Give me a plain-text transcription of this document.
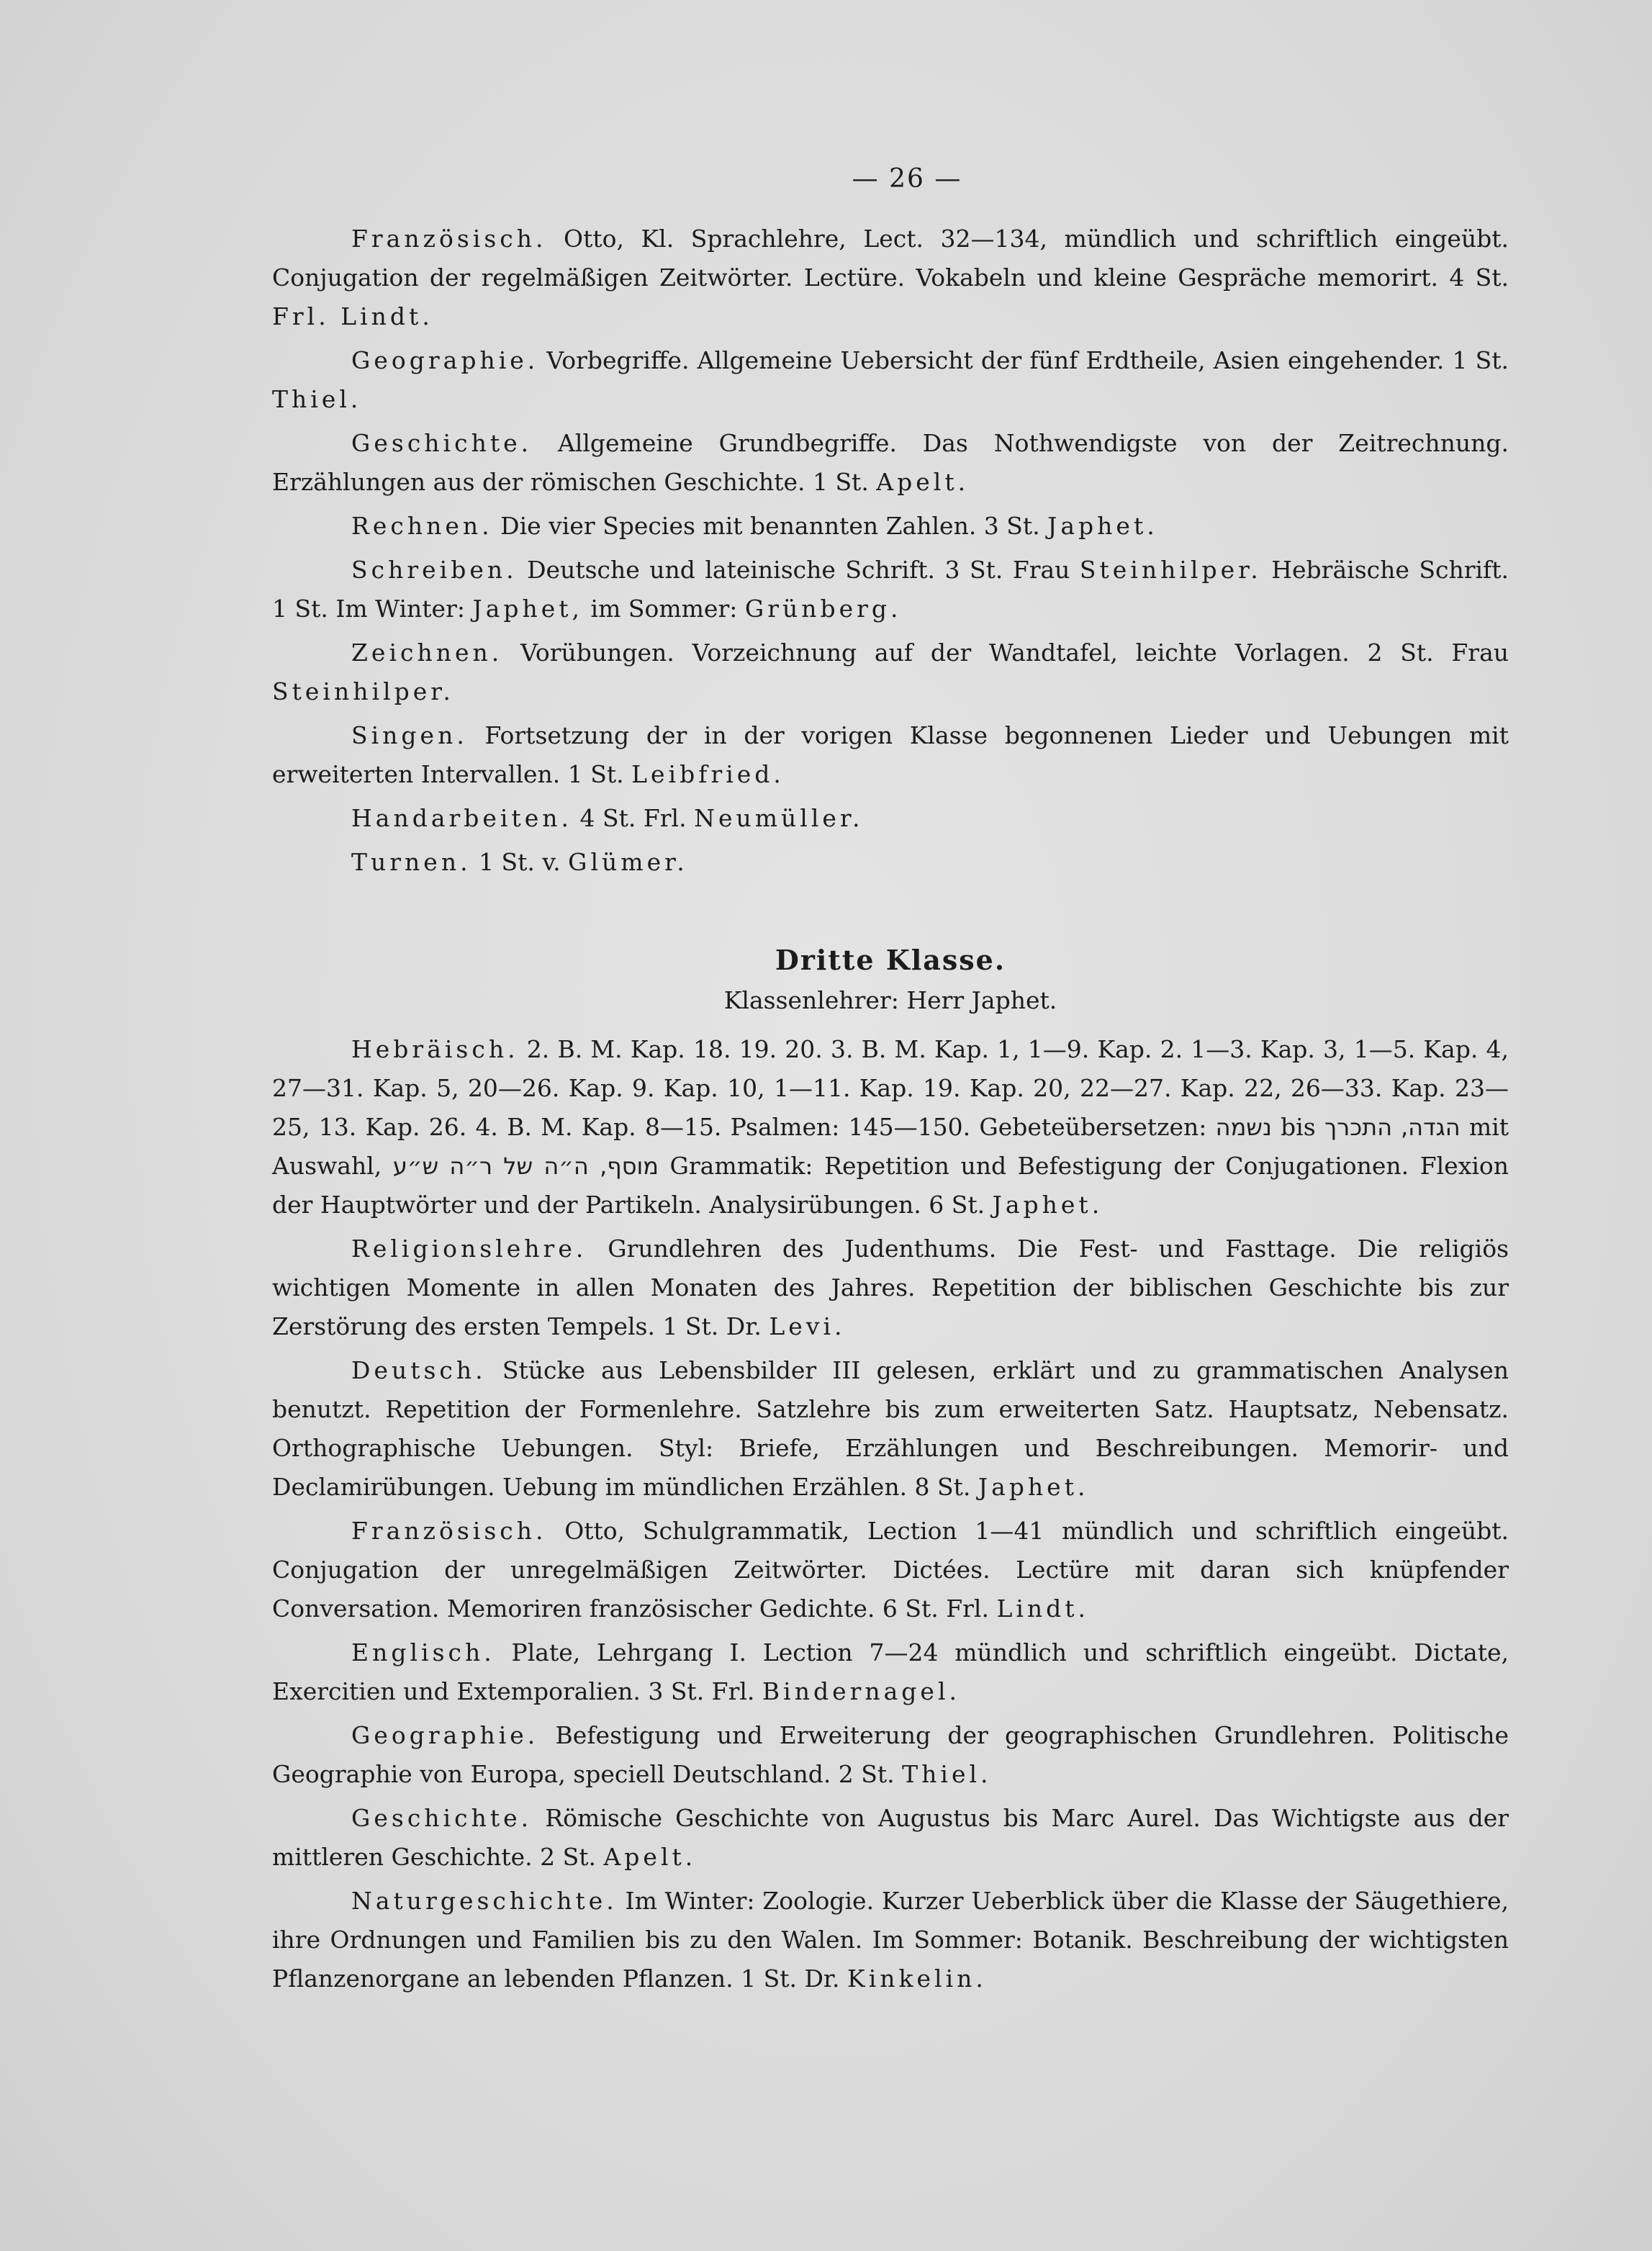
— 26 —

Französisch. Otto, Kl. Sprachlehre, Lect. 32—134, mündlich und schriftlich eingeübt. Conjugation der regelmäßigen Zeitwörter. Lectüre. Vokabeln und kleine Gespräche memorirt. 4 St. Frl. Lindt.

Geographie. Vorbegriffe. Allgemeine Uebersicht der fünf Erdtheile, Asien eingehender. 1 St. Thiel.

Geschichte. Allgemeine Grundbegriffe. Das Nothwendigste von der Zeitrechnung. Erzählungen aus der römischen Geschichte. 1 St. Apelt.

Rechnen. Die vier Species mit benannten Zahlen. 3 St. Japhet.

Schreiben. Deutsche und lateinische Schrift. 3 St. Frau Steinhilper. Hebräische Schrift. 1 St. Im Winter: Japhet, im Sommer: Grünberg.

Zeichnen. Vorübungen. Vorzeichnung auf der Wandtafel, leichte Vorlagen. 2 St. Frau Steinhilper.

Singen. Fortsetzung der in der vorigen Klasse begonnenen Lieder und Uebungen mit erweiterten Intervallen. 1 St. Leibfried.

Handarbeiten. 4 St. Frl. Neumüller.

Turnen. 1 St. v. Glümer.

Dritte Klasse.
Klassenlehrer: Herr Japhet.

Hebräisch. 2. B. M. Kap. 18. 19. 20. 3. B. M. Kap. 1, 1—9. Kap. 2. 1—3. Kap. 3, 1—5. Kap. 4, 27—31. Kap. 5, 20—26. Kap. 9. Kap. 10, 1—11. Kap. 19. Kap. 20, 22—27. Kap. 22, 26—33. Kap. 23—25, 13. Kap. 26. 4. B. M. Kap. 8—15. Psalmen: 145—150. Gebeteübersetzen: נשמה bis הגדה, התכרך mit Auswahl, מוסף, ה״ה של ר״ה ש״ע Grammatik: Repetition und Befestigung der Conjugationen. Flexion der Hauptwörter und der Partikeln. Analysirübungen. 6 St. Japhet.

Religionslehre. Grundlehren des Judenthums. Die Fest- und Fasttage. Die religiös wichtigen Momente in allen Monaten des Jahres. Repetition der biblischen Geschichte bis zur Zerstörung des ersten Tempels. 1 St. Dr. Levi.

Deutsch. Stücke aus Lebensbilder III gelesen, erklärt und zu grammatischen Analysen benutzt. Repetition der Formenlehre. Satzlehre bis zum erweiterten Satz. Hauptsatz, Nebensatz. Orthographische Uebungen. Styl: Briefe, Erzählungen und Beschreibungen. Memorir- und Declamirübungen. Uebung im mündlichen Erzählen. 8 St. Japhet.

Französisch. Otto, Schulgrammatik, Lection 1—41 mündlich und schriftlich eingeübt. Conjugation der unregelmäßigen Zeitwörter. Dictées. Lectüre mit daran sich knüpfender Conversation. Memoriren französischer Gedichte. 6 St. Frl. Lindt.

Englisch. Plate, Lehrgang I. Lection 7—24 mündlich und schriftlich eingeübt. Dictate, Exercitien und Extemporalien. 3 St. Frl. Bindernagel.

Geographie. Befestigung und Erweiterung der geographischen Grundlehren. Politische Geographie von Europa, speciell Deutschland. 2 St. Thiel.

Geschichte. Römische Geschichte von Augustus bis Marc Aurel. Das Wichtigste aus der mittleren Geschichte. 2 St. Apelt.

Naturgeschichte. Im Winter: Zoologie. Kurzer Ueberblick über die Klasse der Säugethiere, ihre Ordnungen und Familien bis zu den Walen. Im Sommer: Botanik. Beschreibung der wichtigsten Pflanzenorgane an lebenden Pflanzen. 1 St. Dr. Kinkelin.
